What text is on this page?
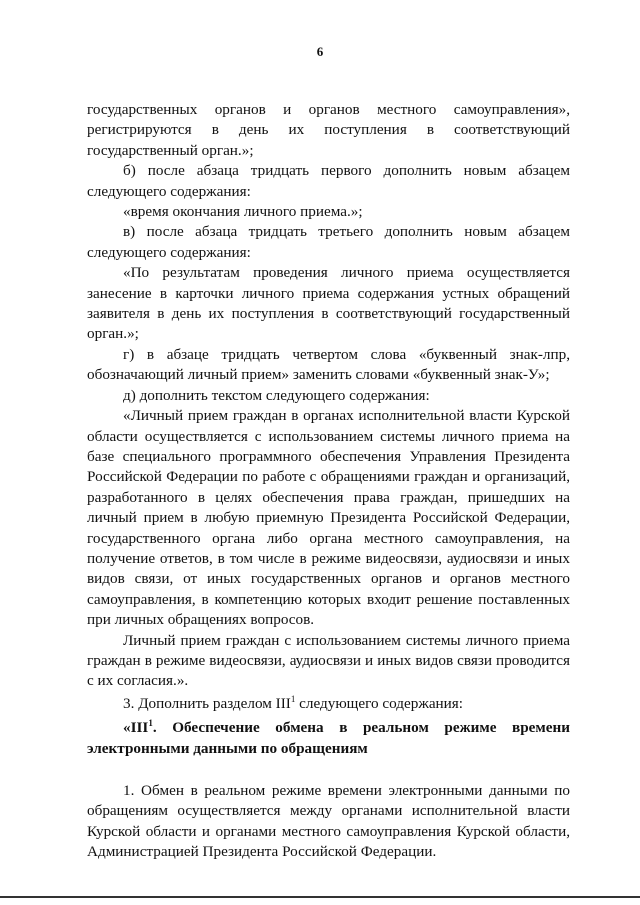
6

государственных органов и органов местного самоуправления», регистрируются в день их поступления в соответствующий государственный орган.»;

б) после абзаца тридцать первого дополнить новым абзацем следующего содержания:

«время окончания личного приема.»;

в) после абзаца тридцать третьего дополнить новым абзацем следующего содержания:

«По результатам проведения личного приема осуществляется занесение в карточки личного приема содержания устных обращений заявителя в день их поступления в соответствующий государственный орган.»;

г) в абзаце тридцать четвертом слова «буквенный знак-лпр, обозначающий личный прием» заменить словами «буквенный знак-У»;

д) дополнить текстом следующего содержания:

«Личный прием граждан в органах исполнительной власти Курской области осуществляется с использованием системы личного приема на базе специального программного обеспечения Управления Президента Российской Федерации по работе с обращениями граждан и организаций, разработанного в целях обеспечения права граждан, пришедших на личный прием в любую приемную Президента Российской Федерации, государственного органа либо органа местного самоуправления, на получение ответов, в том числе в режиме видеосвязи, аудиосвязи и иных видов связи, от иных государственных органов и органов местного самоуправления, в компетенцию которых входит решение поставленных при личных обращениях вопросов.

Личный прием граждан с использованием системы личного приема граждан в режиме видеосвязи, аудиосвязи и иных видов связи проводится с их согласия.».

3. Дополнить разделом III$^1$ следующего содержания:

«III$^1$. Обеспечение обмена в реальном режиме времени электронными данными по обращениям

1. Обмен в реальном режиме времени электронными данными по обращениям осуществляется между органами исполнительной власти Курской области и органами местного самоуправления Курской области, Администрацией Президента Российской Федерации.
